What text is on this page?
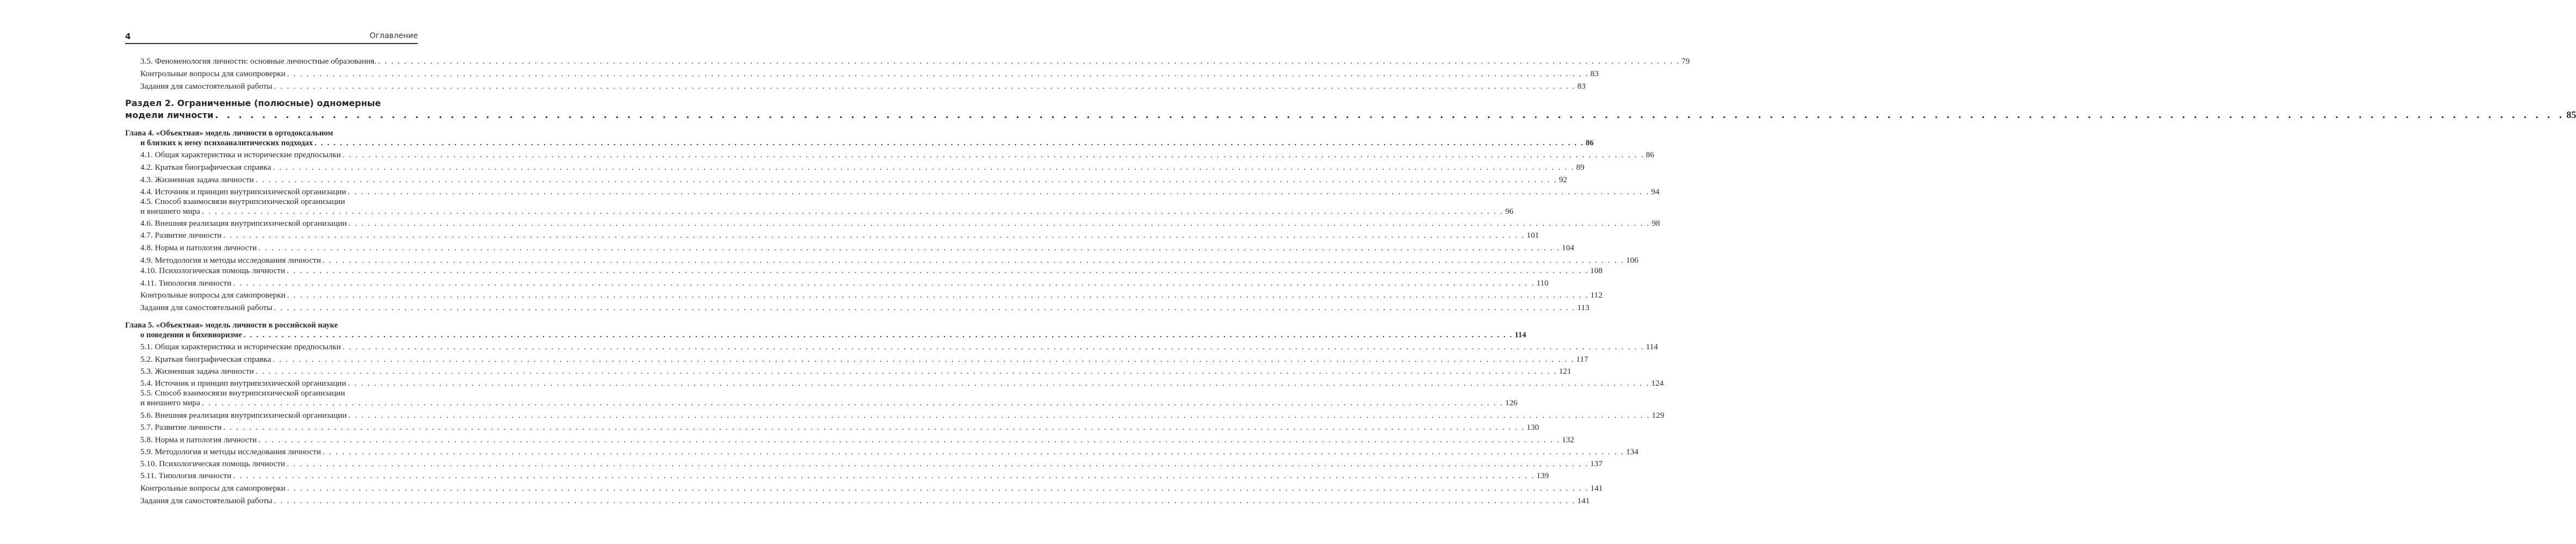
4	Оглавление
3.5. Феноменология личности: основные личностные образования. . . . . . . . . . . . . . . . . . . . . . . . . . . . . . . . . . . . . . . . . . . . . . . . . . . . . . . . . . . . . . . . . . . . . . . . . . . . . . . . . . . . . . . . . . . . . . . . . . . . . . . . . . . . . . . . . . . . . . . . . . . . . . . . . . . . . . . . . . . . . . . . . . . . . . . . . . . . . . . . . . . . . . . . . . . . . . . . . . . . . . . . . . . . . . . . . . . . . . . . . 79
Контрольные вопросы для самопроверки . . . . . . . . . . . . . . . . . . . . . . . . . . . . . . . . . . . . . . . . . . . . . . . . . . . . . . . . . . . . . . . . . . . . . . . . . . . . . . . . . . . . . . . . . . . . . . . . . . . . . . . . . . . . . . . . . . . . . . . . . . . . . . . . . . . . . . . . . . . . . . . . . . . . . . . . . . . . . . . . . . . . . . . . . . . . . . . . . . . . . . . . . . . . . . . . . . . . . . . . 83
Задания для самостоятельной работы . . . . . . . . . . . . . . . . . . . . . . . . . . . . . . . . . . . . . . . . . . . . . . . . . . . . . . . . . . . . . . . . . . . . . . . . . . . . . . . . . . . . . . . . . . . . . . . . . . . . . . . . . . . . . . . . . . . . . . . . . . . . . . . . . . . . . . . . . . . . . . . . . . . . . . . . . . . . . . . . . . . . . . . . . . . . . . . . . . . . . . . . . . . . . . . . . . . . . . . . 83
Раздел 2. Ограниченные (полюсные) одномерные
модели личности . . . . . . . . . . . . . . . . . . . . . . . . . . . . . . . . . . . . . . . . . . . . . . . . . . . . . . . . . . . . . . . . . . . . . . . . . . . . . . . . . . . . . . . . . . . . . . . . . . . . . . . . . . . . . . . . . . . . . . . . . . . . . . . . . . . . . . . . . . . . . . . . . . . . . . . . . . . . . . . . . . . . . . . . . . . . . . . . . . . . . . . . . . . . . . . . . . . . . . . . 85
Глава 4. «Объектная» модель личности в ортодоксальном
и близких к нему психоаналитических подходах . . . . . . . . . . . . . . . . . . . . . . . . . . . . . . . . . . . . . . . . . . . . . . . . . . . . . . . . . . . . . . . . . . . . . . . . . . . . . . . . . . . . . . . . . . . . . . . . . . . . . . . . . . . . . . . . . . . . . . . . . . . . . . . . . . . . . . . . . . . . . . . . . . . . . . . . . . . . . . . . . . . . . . . . . . . . . . . . . . . . . . . . . . . . . . . . . . . . . . . . 86
4.1. Общая характеристика и исторические предпосылки . . . . . . . . . . . . . . . . . . . . . . . . . . . . . . . . . . . . . . . . . . . . . . . . . . . . . . . . . . . . . . . . . . . . . . . . . . . . . . . . . . . . . . . . . . . . . . . . . . . . . . . . . . . . . . . . . . . . . . . . . . . . . . . . . . . . . . . . . . . . . . . . . . . . . . . . . . . . . . . . . . . . . . . . . . . . . . . . . . . . . . . . . . . . . . . . . . . . . . . . 86
4.2. Краткая биографическая справка . . . . . . . . . . . . . . . . . . . . . . . . . . . . . . . . . . . . . . . . . . . . . . . . . . . . . . . . . . . . . . . . . . . . . . . . . . . . . . . . . . . . . . . . . . . . . . . . . . . . . . . . . . . . . . . . . . . . . . . . . . . . . . . . . . . . . . . . . . . . . . . . . . . . . . . . . . . . . . . . . . . . . . . . . . . . . . . . . . . . . . . . . . . . . . . . . . . . . . . . 89
4.3. Жизненная задача личности . . . . . . . . . . . . . . . . . . . . . . . . . . . . . . . . . . . . . . . . . . . . . . . . . . . . . . . . . . . . . . . . . . . . . . . . . . . . . . . . . . . . . . . . . . . . . . . . . . . . . . . . . . . . . . . . . . . . . . . . . . . . . . . . . . . . . . . . . . . . . . . . . . . . . . . . . . . . . . . . . . . . . . . . . . . . . . . . . . . . . . . . . . . . . . . . . . . . . . . . 92
4.4. Источник и принцип внутрипсихической организации . . . . . . . . . . . . . . . . . . . . . . . . . . . . . . . . . . . . . . . . . . . . . . . . . . . . . . . . . . . . . . . . . . . . . . . . . . . . . . . . . . . . . . . . . . . . . . . . . . . . . . . . . . . . . . . . . . . . . . . . . . . . . . . . . . . . . . . . . . . . . . . . . . . . . . . . . . . . . . . . . . . . . . . . . . . . . . . . . . . . . . . . . . . . . . . . . . . . . . . . 94
4.5. Способ взаимосвязи внутрипсихической организации
и внешнего мира . . . . . . . . . . . . . . . . . . . . . . . . . . . . . . . . . . . . . . . . . . . . . . . . . . . . . . . . . . . . . . . . . . . . . . . . . . . . . . . . . . . . . . . . . . . . . . . . . . . . . . . . . . . . . . . . . . . . . . . . . . . . . . . . . . . . . . . . . . . . . . . . . . . . . . . . . . . . . . . . . . . . . . . . . . . . . . . . . . . . . . . . . . . . . . . . . . . . . . . . 96
4.6. Внешняя реализация внутрипсихической организации . . . . . . . . . . . . . . . . . . . . . . . . . . . . . . . . . . . . . . . . . . . . . . . . . . . . . . . . . . . . . . . . . . . . . . . . . . . . . . . . . . . . . . . . . . . . . . . . . . . . . . . . . . . . . . . . . . . . . . . . . . . . . . . . . . . . . . . . . . . . . . . . . . . . . . . . . . . . . . . . . . . . . . . . . . . . . . . . . . . . . . . . . . . . . . . . . . . . . . . . 98
4.7. Развитие личности . . . . . . . . . . . . . . . . . . . . . . . . . . . . . . . . . . . . . . . . . . . . . . . . . . . . . . . . . . . . . . . . . . . . . . . . . . . . . . . . . . . . . . . . . . . . . . . . . . . . . . . . . . . . . . . . . . . . . . . . . . . . . . . . . . . . . . . . . . . . . . . . . . . . . . . . . . . . . . . . . . . . . . . . . . . . . . . . . . . . . . . . . . . . . . . . . . . . . . . . 101
4.8. Норма и патология личности . . . . . . . . . . . . . . . . . . . . . . . . . . . . . . . . . . . . . . . . . . . . . . . . . . . . . . . . . . . . . . . . . . . . . . . . . . . . . . . . . . . . . . . . . . . . . . . . . . . . . . . . . . . . . . . . . . . . . . . . . . . . . . . . . . . . . . . . . . . . . . . . . . . . . . . . . . . . . . . . . . . . . . . . . . . . . . . . . . . . . . . . . . . . . . . . . . . . . . . . 104
4.9. Методология и методы исследования личности . . . . . . . . . . . . . . . . . . . . . . . . . . . . . . . . . . . . . . . . . . . . . . . . . . . . . . . . . . . . . . . . . . . . . . . . . . . . . . . . . . . . . . . . . . . . . . . . . . . . . . . . . . . . . . . . . . . . . . . . . . . . . . . . . . . . . . . . . . . . . . . . . . . . . . . . . . . . . . . . . . . . . . . . . . . . . . . . . . . . . . . . . . . . . . . . . . . . . . . . 106
4.10. Психологическая помощь личности . . . . . . . . . . . . . . . . . . . . . . . . . . . . . . . . . . . . . . . . . . . . . . . . . . . . . . . . . . . . . . . . . . . . . . . . . . . . . . . . . . . . . . . . . . . . . . . . . . . . . . . . . . . . . . . . . . . . . . . . . . . . . . . . . . . . . . . . . . . . . . . . . . . . . . . . . . . . . . . . . . . . . . . . . . . . . . . . . . . . . . . . . . . . . . . . . . . . . . . . 108
4.11. Типология личности . . . . . . . . . . . . . . . . . . . . . . . . . . . . . . . . . . . . . . . . . . . . . . . . . . . . . . . . . . . . . . . . . . . . . . . . . . . . . . . . . . . . . . . . . . . . . . . . . . . . . . . . . . . . . . . . . . . . . . . . . . . . . . . . . . . . . . . . . . . . . . . . . . . . . . . . . . . . . . . . . . . . . . . . . . . . . . . . . . . . . . . . . . . . . . . . . . . . . . . . 110
Контрольные вопросы для самопроверки . . . . . . . . . . . . . . . . . . . . . . . . . . . . . . . . . . . . . . . . . . . . . . . . . . . . . . . . . . . . . . . . . . . . . . . . . . . . . . . . . . . . . . . . . . . . . . . . . . . . . . . . . . . . . . . . . . . . . . . . . . . . . . . . . . . . . . . . . . . . . . . . . . . . . . . . . . . . . . . . . . . . . . . . . . . . . . . . . . . . . . . . . . . . . . . . . . . . . . . . 112
Задания для самостоятельной работы . . . . . . . . . . . . . . . . . . . . . . . . . . . . . . . . . . . . . . . . . . . . . . . . . . . . . . . . . . . . . . . . . . . . . . . . . . . . . . . . . . . . . . . . . . . . . . . . . . . . . . . . . . . . . . . . . . . . . . . . . . . . . . . . . . . . . . . . . . . . . . . . . . . . . . . . . . . . . . . . . . . . . . . . . . . . . . . . . . . . . . . . . . . . . . . . . . . . . . . . 113
Глава 5. «Объектная» модель личности в российской науке
о поведении и бихевиоризме . . . . . . . . . . . . . . . . . . . . . . . . . . . . . . . . . . . . . . . . . . . . . . . . . . . . . . . . . . . . . . . . . . . . . . . . . . . . . . . . . . . . . . . . . . . . . . . . . . . . . . . . . . . . . . . . . . . . . . . . . . . . . . . . . . . . . . . . . . . . . . . . . . . . . . . . . . . . . . . . . . . . . . . . . . . . . . . . . . . . . . . . . . . . . . . . . . . . . . . . 114
5.1. Общая характеристика и исторические предпосылки . . . . . . . . . . . . . . . . . . . . . . . . . . . . . . . . . . . . . . . . . . . . . . . . . . . . . . . . . . . . . . . . . . . . . . . . . . . . . . . . . . . . . . . . . . . . . . . . . . . . . . . . . . . . . . . . . . . . . . . . . . . . . . . . . . . . . . . . . . . . . . . . . . . . . . . . . . . . . . . . . . . . . . . . . . . . . . . . . . . . . . . . . . . . . . . . . . . . . . . . 114
5.2. Краткая биографическая справка . . . . . . . . . . . . . . . . . . . . . . . . . . . . . . . . . . . . . . . . . . . . . . . . . . . . . . . . . . . . . . . . . . . . . . . . . . . . . . . . . . . . . . . . . . . . . . . . . . . . . . . . . . . . . . . . . . . . . . . . . . . . . . . . . . . . . . . . . . . . . . . . . . . . . . . . . . . . . . . . . . . . . . . . . . . . . . . . . . . . . . . . . . . . . . . . . . . . . . . . 117
5.3. Жизненная задача личности . . . . . . . . . . . . . . . . . . . . . . . . . . . . . . . . . . . . . . . . . . . . . . . . . . . . . . . . . . . . . . . . . . . . . . . . . . . . . . . . . . . . . . . . . . . . . . . . . . . . . . . . . . . . . . . . . . . . . . . . . . . . . . . . . . . . . . . . . . . . . . . . . . . . . . . . . . . . . . . . . . . . . . . . . . . . . . . . . . . . . . . . . . . . . . . . . . . . . . . . 121
5.4. Источник и принцип внутрипсихической организации . . . . . . . . . . . . . . . . . . . . . . . . . . . . . . . . . . . . . . . . . . . . . . . . . . . . . . . . . . . . . . . . . . . . . . . . . . . . . . . . . . . . . . . . . . . . . . . . . . . . . . . . . . . . . . . . . . . . . . . . . . . . . . . . . . . . . . . . . . . . . . . . . . . . . . . . . . . . . . . . . . . . . . . . . . . . . . . . . . . . . . . . . . . . . . . . . . . . . . . . 124
5.5. Способ взаимосвязи внутрипсихической организации
и внешнего мира . . . . . . . . . . . . . . . . . . . . . . . . . . . . . . . . . . . . . . . . . . . . . . . . . . . . . . . . . . . . . . . . . . . . . . . . . . . . . . . . . . . . . . . . . . . . . . . . . . . . . . . . . . . . . . . . . . . . . . . . . . . . . . . . . . . . . . . . . . . . . . . . . . . . . . . . . . . . . . . . . . . . . . . . . . . . . . . . . . . . . . . . . . . . . . . . . . . . . . . . 126
5.6. Внешняя реализация внутрипсихической организации . . . . . . . . . . . . . . . . . . . . . . . . . . . . . . . . . . . . . . . . . . . . . . . . . . . . . . . . . . . . . . . . . . . . . . . . . . . . . . . . . . . . . . . . . . . . . . . . . . . . . . . . . . . . . . . . . . . . . . . . . . . . . . . . . . . . . . . . . . . . . . . . . . . . . . . . . . . . . . . . . . . . . . . . . . . . . . . . . . . . . . . . . . . . . . . . . . . . . . . . 129
5.7. Развитие личности . . . . . . . . . . . . . . . . . . . . . . . . . . . . . . . . . . . . . . . . . . . . . . . . . . . . . . . . . . . . . . . . . . . . . . . . . . . . . . . . . . . . . . . . . . . . . . . . . . . . . . . . . . . . . . . . . . . . . . . . . . . . . . . . . . . . . . . . . . . . . . . . . . . . . . . . . . . . . . . . . . . . . . . . . . . . . . . . . . . . . . . . . . . . . . . . . . . . . . . . 130
5.8. Норма и патология личности . . . . . . . . . . . . . . . . . . . . . . . . . . . . . . . . . . . . . . . . . . . . . . . . . . . . . . . . . . . . . . . . . . . . . . . . . . . . . . . . . . . . . . . . . . . . . . . . . . . . . . . . . . . . . . . . . . . . . . . . . . . . . . . . . . . . . . . . . . . . . . . . . . . . . . . . . . . . . . . . . . . . . . . . . . . . . . . . . . . . . . . . . . . . . . . . . . . . . . . . 132
5.9. Методология и методы исследования личности . . . . . . . . . . . . . . . . . . . . . . . . . . . . . . . . . . . . . . . . . . . . . . . . . . . . . . . . . . . . . . . . . . . . . . . . . . . . . . . . . . . . . . . . . . . . . . . . . . . . . . . . . . . . . . . . . . . . . . . . . . . . . . . . . . . . . . . . . . . . . . . . . . . . . . . . . . . . . . . . . . . . . . . . . . . . . . . . . . . . . . . . . . . . . . . . . . . . . . . . 134
5.10. Психологическая помощь личности . . . . . . . . . . . . . . . . . . . . . . . . . . . . . . . . . . . . . . . . . . . . . . . . . . . . . . . . . . . . . . . . . . . . . . . . . . . . . . . . . . . . . . . . . . . . . . . . . . . . . . . . . . . . . . . . . . . . . . . . . . . . . . . . . . . . . . . . . . . . . . . . . . . . . . . . . . . . . . . . . . . . . . . . . . . . . . . . . . . . . . . . . . . . . . . . . . . . . . . . 137
5.11. Типология личности . . . . . . . . . . . . . . . . . . . . . . . . . . . . . . . . . . . . . . . . . . . . . . . . . . . . . . . . . . . . . . . . . . . . . . . . . . . . . . . . . . . . . . . . . . . . . . . . . . . . . . . . . . . . . . . . . . . . . . . . . . . . . . . . . . . . . . . . . . . . . . . . . . . . . . . . . . . . . . . . . . . . . . . . . . . . . . . . . . . . . . . . . . . . . . . . . . . . . . . . 139
Контрольные вопросы для самопроверки . . . . . . . . . . . . . . . . . . . . . . . . . . . . . . . . . . . . . . . . . . . . . . . . . . . . . . . . . . . . . . . . . . . . . . . . . . . . . . . . . . . . . . . . . . . . . . . . . . . . . . . . . . . . . . . . . . . . . . . . . . . . . . . . . . . . . . . . . . . . . . . . . . . . . . . . . . . . . . . . . . . . . . . . . . . . . . . . . . . . . . . . . . . . . . . . . . . . . . . . 141
Задания для самостоятельной работы . . . . . . . . . . . . . . . . . . . . . . . . . . . . . . . . . . . . . . . . . . . . . . . . . . . . . . . . . . . . . . . . . . . . . . . . . . . . . . . . . . . . . . . . . . . . . . . . . . . . . . . . . . . . . . . . . . . . . . . . . . . . . . . . . . . . . . . . . . . . . . . . . . . . . . . . . . . . . . . . . . . . . . . . . . . . . . . . . . . . . . . . . . . . . . . . . . . . . . . . 141
